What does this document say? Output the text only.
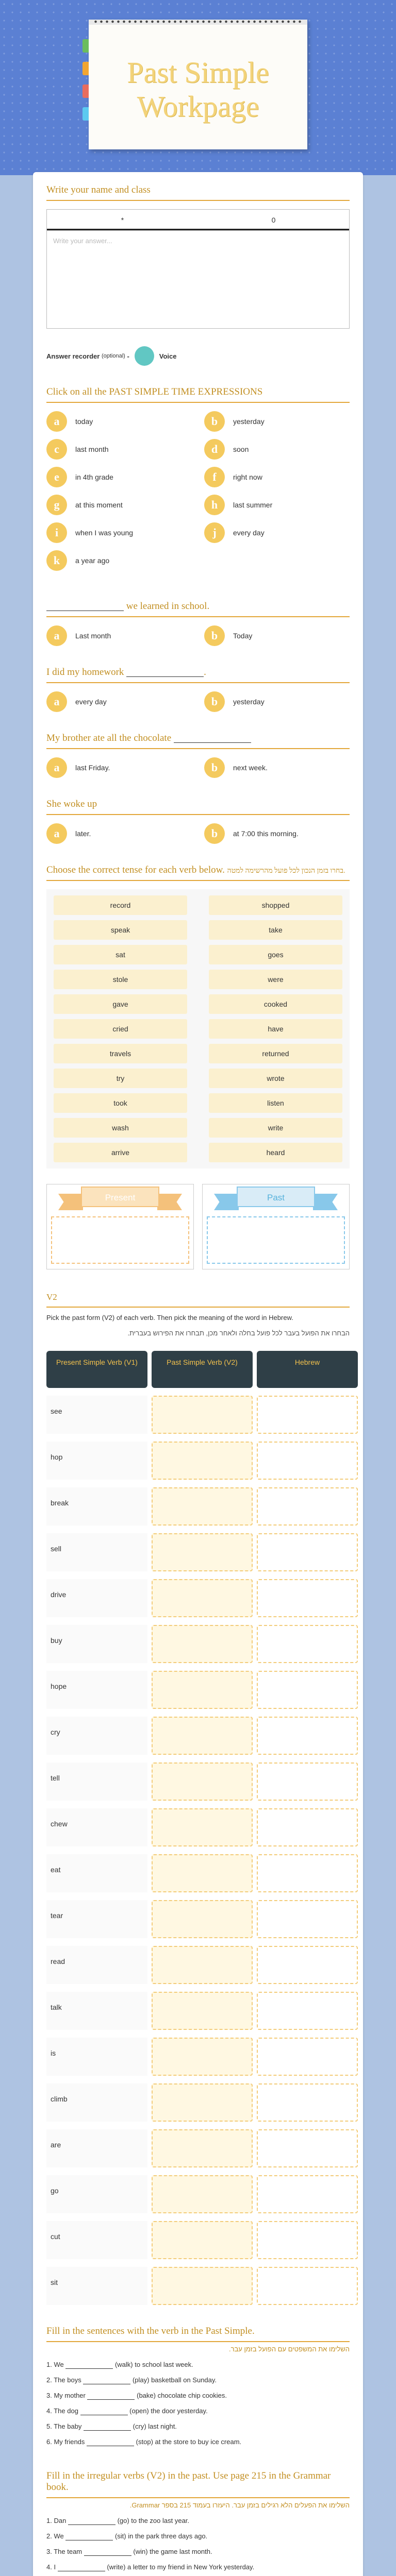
Past Simple Workpage
Write your name and class
*	0
Write your answer...
Answer recorder
(optional)
-	Voice
Click on all the PAST SIMPLE TIME EXPRESSIONS
a	today	b	yesterday
c	last month	d	soon
e	in 4th grade	f	right now
g	at this moment	h	last summer
i	when I was young	j	every day
k	a year ago
we learned in school.
a	Last month	b	Today
I did my homework	.
a	every day	b	yesterday
My brother ate all the chocolate
a	last Friday.	b	next week.
She woke up
a	later.	b	at 7:00 this morning.
Choose the correct tense for each verb below. בחרו בזמן הנכון לכל פועל מהרשימה למטה.
record	shopped
speak	take
sat	goes
stole	were
gave	cooked
cried	have
travels	returned
try	wrote
took	listen
wash	write
arrive	heard
Present	Past
V2
Pick the past form (V2) of each verb. Then pick the meaning of the word in Hebrew.
הבחרו את הפועל בעבר לכל פועל בחלה ולאחר מכן, תבחרו את הפירוש בעברית.
Present Simple Verb (V1)	Past Simple Verb (V2)	Hebrew
see
hop
break
sell
drive
buy
hope
cry
tell
chew
eat
tear
read
talk
is
climb
are
go
cut
sit
Fill in the sentences with the verb in the Past Simple.
השלימו את המשפטים עם הפועל בזמן עבר.
1. We	(walk) to school last week.
2. The boys	(play) basketball on Sunday.
3. My mother	(bake) chocolate chip cookies.
4. The dog	(open) the door yesterday.
5. The baby	(cry) last night.
6. My friends	(stop) at the store to buy ice cream.
Fill in the irregular verbs (V2) in the past. Use page 215 in the Grammar book.
השלימו את הפעלים הלא רגילים בזמן עבר. היעזרו בעמוד 215 בספר Grammar.
1. Dan	(go) to the zoo last year.
2. We	(sit) in the park three days ago.
3. The team	(win) the game last month.
4. I	(write) a letter to my friend in New York yesterday.
